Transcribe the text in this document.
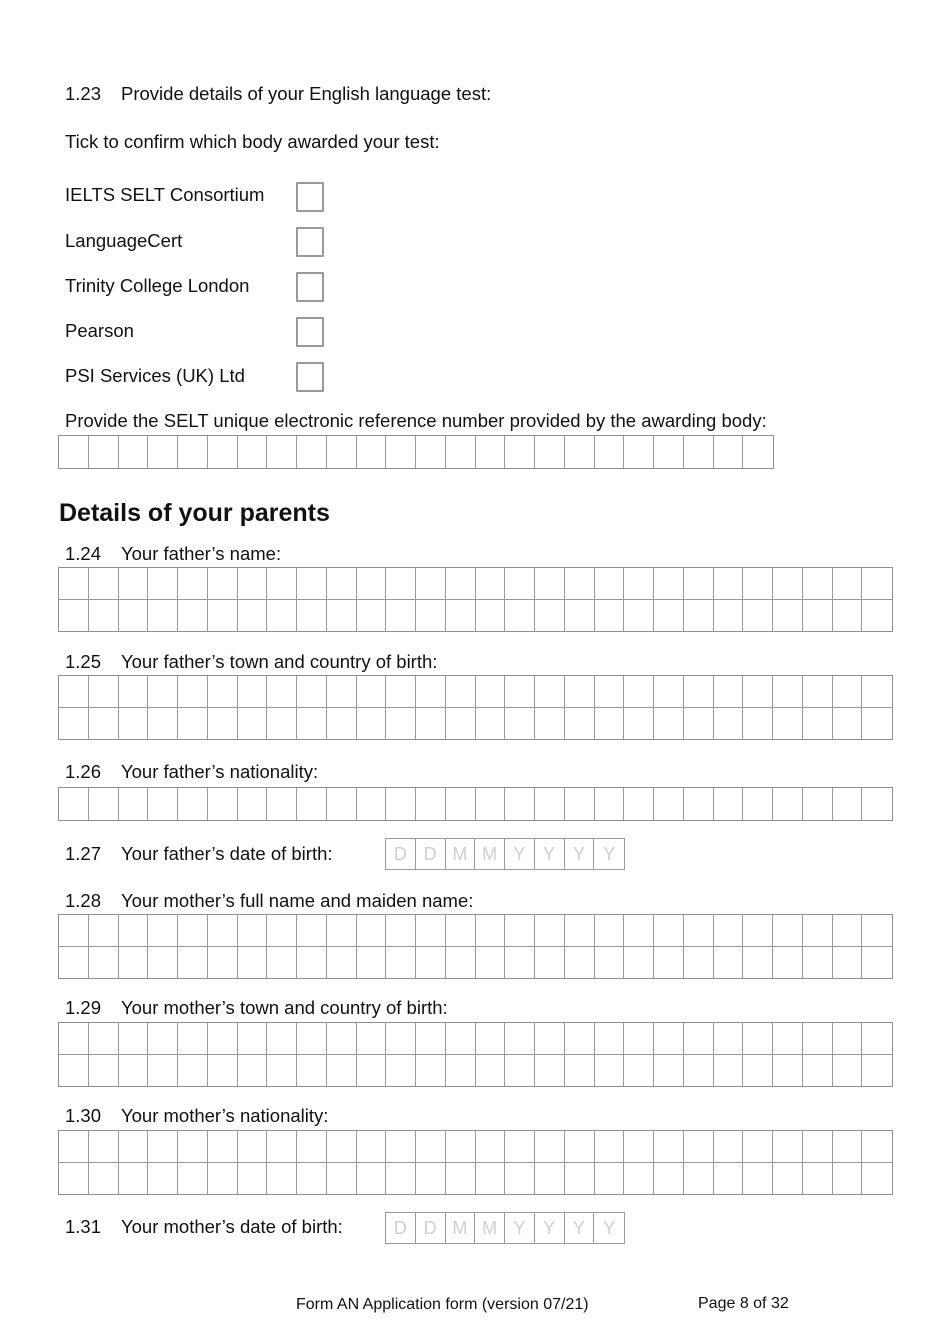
1.23 Provide details of your English language test:
Tick to confirm which body awarded your test:
IELTS SELT Consortium
LanguageCert
Trinity College London
Pearson
PSI Services (UK) Ltd
Provide the SELT unique electronic reference number provided by the awarding body:
Details of your parents
1.24 Your father’s name:
1.25 Your father’s town and country of birth:
1.26 Your father’s nationality:
1.27 Your father’s date of birth:	D D M M Y Y Y	Y
1.28 Your mother’s full name and maiden name:
1.29 Your mother’s town and country of birth:
1.30 Your mother’s nationality:
1.31 Your mother’s date of birth:	D D M M Y Y Y	Y
Form AN Application form (version 07/21)	Page 8 of 32
